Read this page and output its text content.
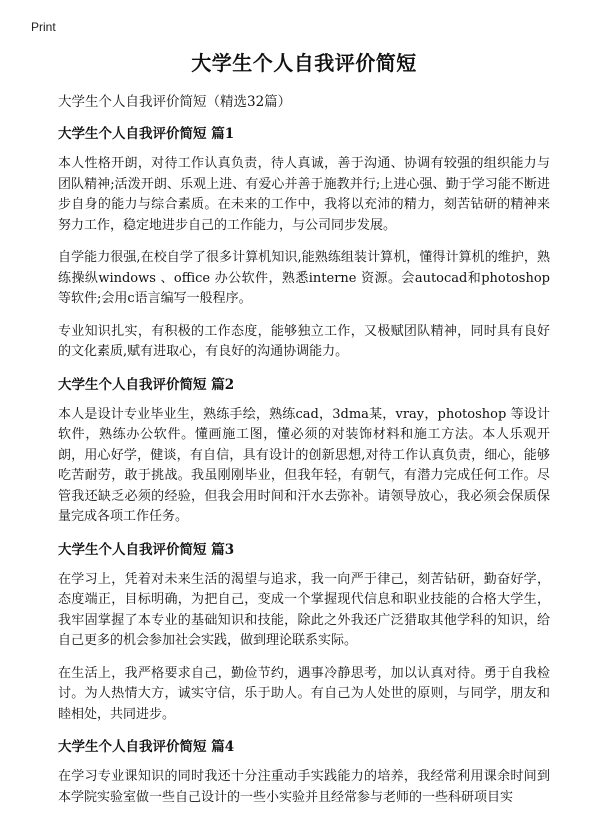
Print
大学生个人自我评价简短
大学生个人自我评价简短（精选32篇）
大学生个人自我评价简短 篇1

本人性格开朗，对待工作认真负责，待人真诚，善于沟通、协调有较强的组织能力与团队精神;活泼开朗、乐观上进、有爱心并善于施教并行;上进心强、勤于学习能不断进步自身的能力与综合素质。在未来的工作中，我将以充沛的精力，刻苦钻研的精神来努力工作，稳定地进步自己的工作能力，与公司同步发展。

自学能力很强,在校自学了很多计算机知识,能熟练组装计算机，懂得计算机的维护，熟练操纵windows 、office 办公软件，熟悉interne 资源。会autocad和photoshop 等软件;会用c语言编写一般程序。

专业知识扎实，有积极的工作态度，能够独立工作，又极赋团队精神，同时具有良好的文化素质,赋有进取心，有良好的沟通协调能力。

大学生个人自我评价简短 篇2

本人是设计专业毕业生，熟练手绘，熟练cad，3dma某，vray，photoshop 等设计软件，熟练办公软件。懂画施工图，懂必须的对装饰材料和施工方法。本人乐观开朗，用心好学，健谈，有自信，具有设计的创新思想,对待工作认真负责，细心，能够吃苦耐劳，敢于挑战。我虽刚刚毕业，但我年轻，有朝气，有潜力完成任何工作。尽管我还缺乏必须的经验，但我会用时间和汗水去弥补。请领导放心，我必须会保质保量完成各项工作任务。

大学生个人自我评价简短 篇3

在学习上，凭着对未来生活的渴望与追求，我一向严于律己，刻苦钻研，勤奋好学，态度端正，目标明确，为把自己，变成一个掌握现代信息和职业技能的合格大学生，我牢固掌握了本专业的基础知识和技能，除此之外我还广泛猎取其他学科的知识，给自己更多的机会参加社会实践，做到理论联系实际。

在生活上，我严格要求自己，勤俭节约，遇事冷静思考，加以认真对待。勇于自我检讨。为人热情大方，诚实守信，乐于助人。有自己为人处世的原则，与同学，朋友和睦相处，共同进步。

大学生个人自我评价简短 篇4

在学习专业课知识的同时我还十分注重动手实践能力的培养，我经常利用课余时间到本学院实验室做一些自己设计的一些小实验并且经常参与老师的一些科研项目实
